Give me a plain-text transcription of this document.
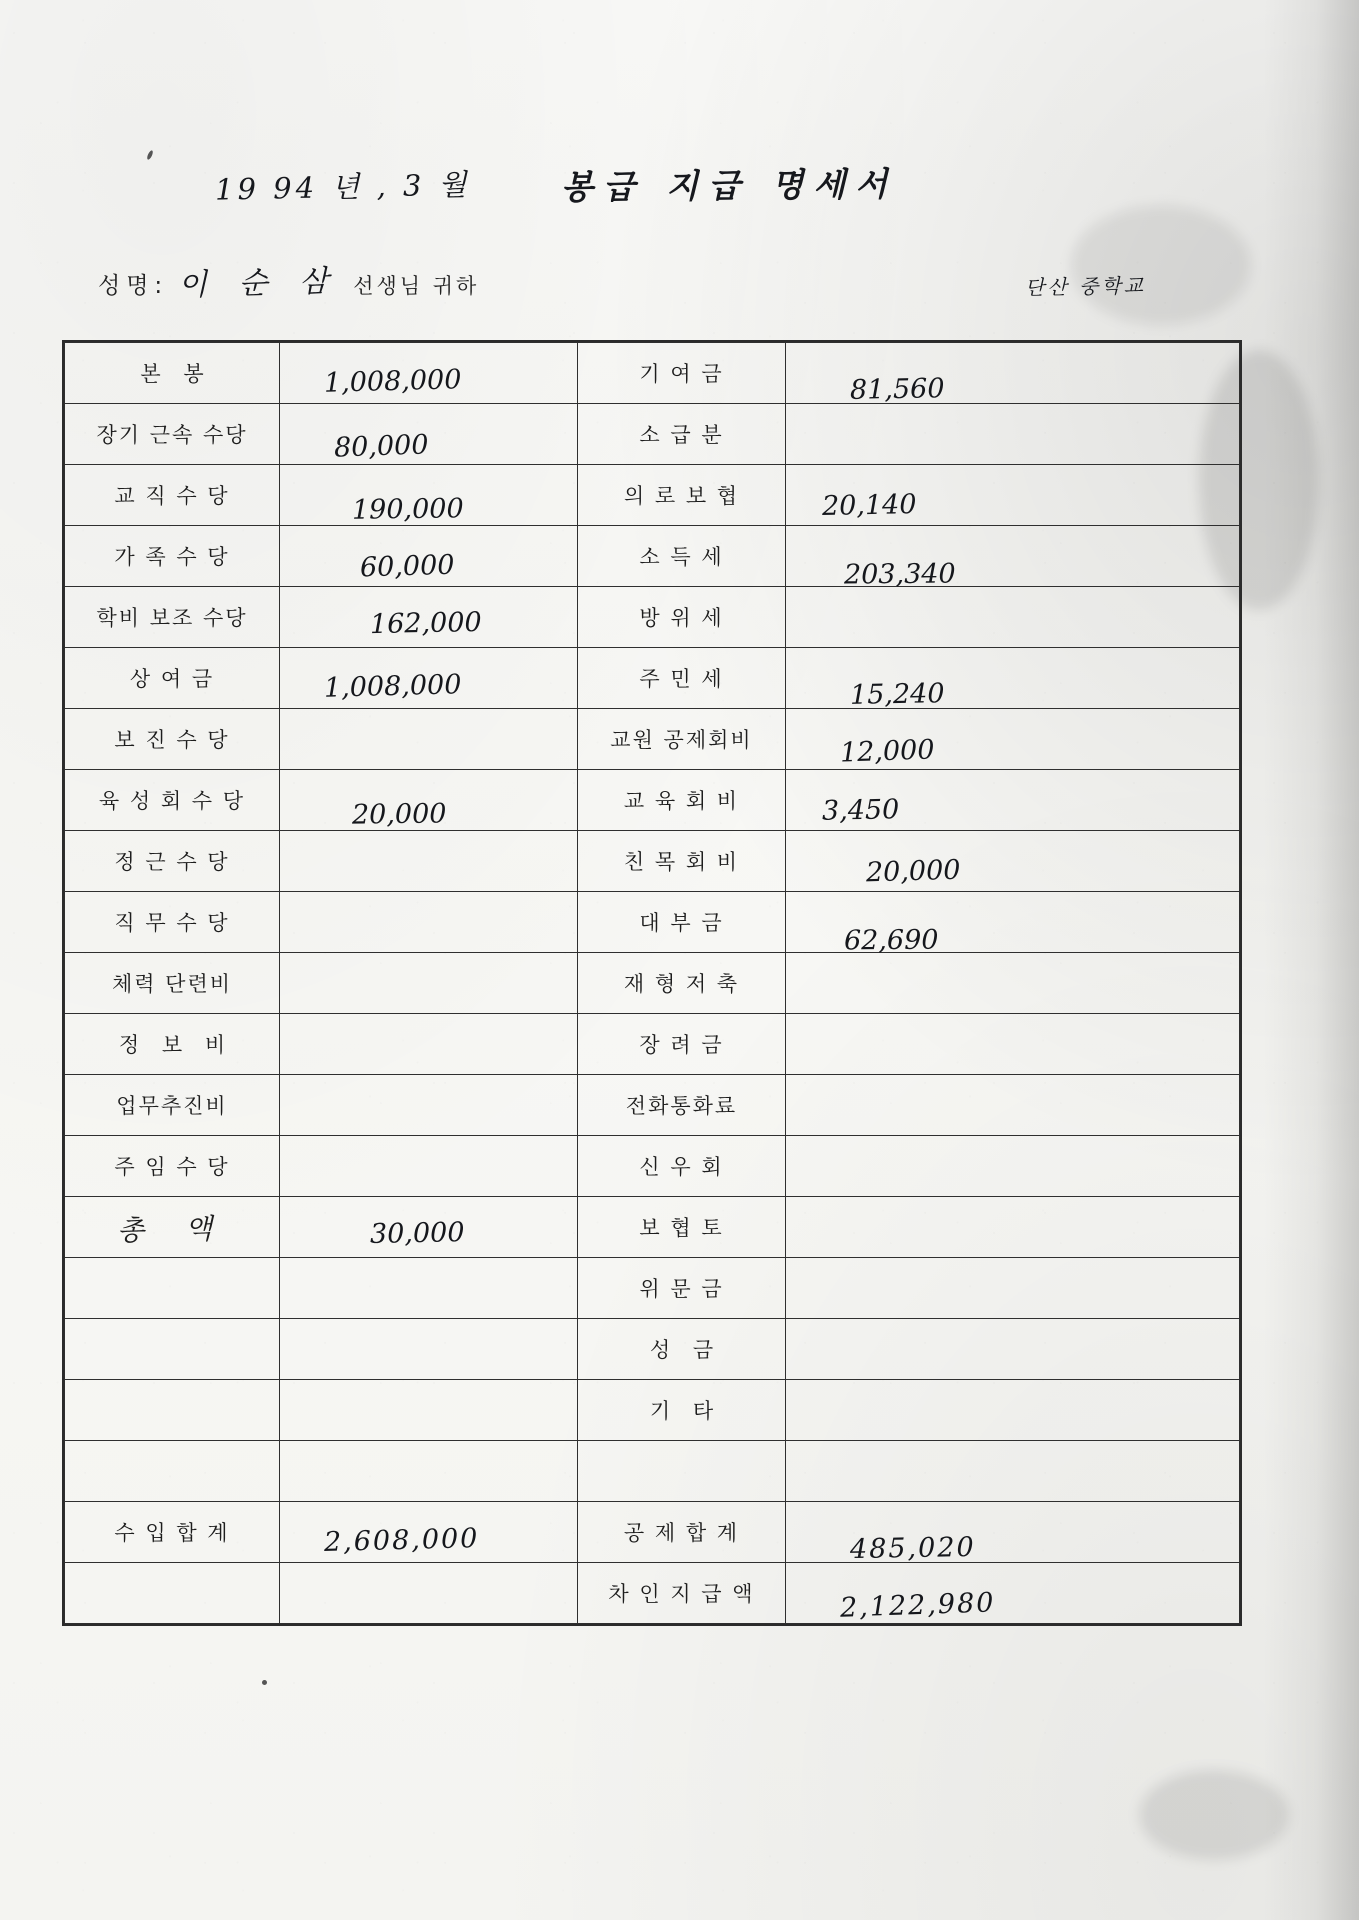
19 94 년 , 3 월	봉급 지급 명세서
성명: 이 순 삼 선생님 귀하	단산 중학교
본 봉	1,008,000	기 여 금	81,560
장기 근속 수당	80,000	소 급 분	
교 직 수 당	190,000	의 로 보 협	20,140
가 족 수 당	60,000	소 득 세	203,340
학비 보조 수당	162,000	방 위 세	
상 여 금	1,008,000	주 민 세	15,240
보 진 수 당		교원 공제회비	12,000
육 성 회 수 당	20,000	교 육 회 비	3,450
정 근 수 당		친 목 회 비	20,000
직 무 수 당		대 부 금	62,690
체력 단련비		재 형 저 축	
정 보 비		장 려 금	
업무추진비		전화통화료	
주 임 수 당		신 우 회	
총 액	30,000	보 협 토	
		위 문 금	
		성 금	
		기 타	

수 입 합 계	2,608,000	공 제 합 계	485,020
		차 인 지 급 액	2,122,980
